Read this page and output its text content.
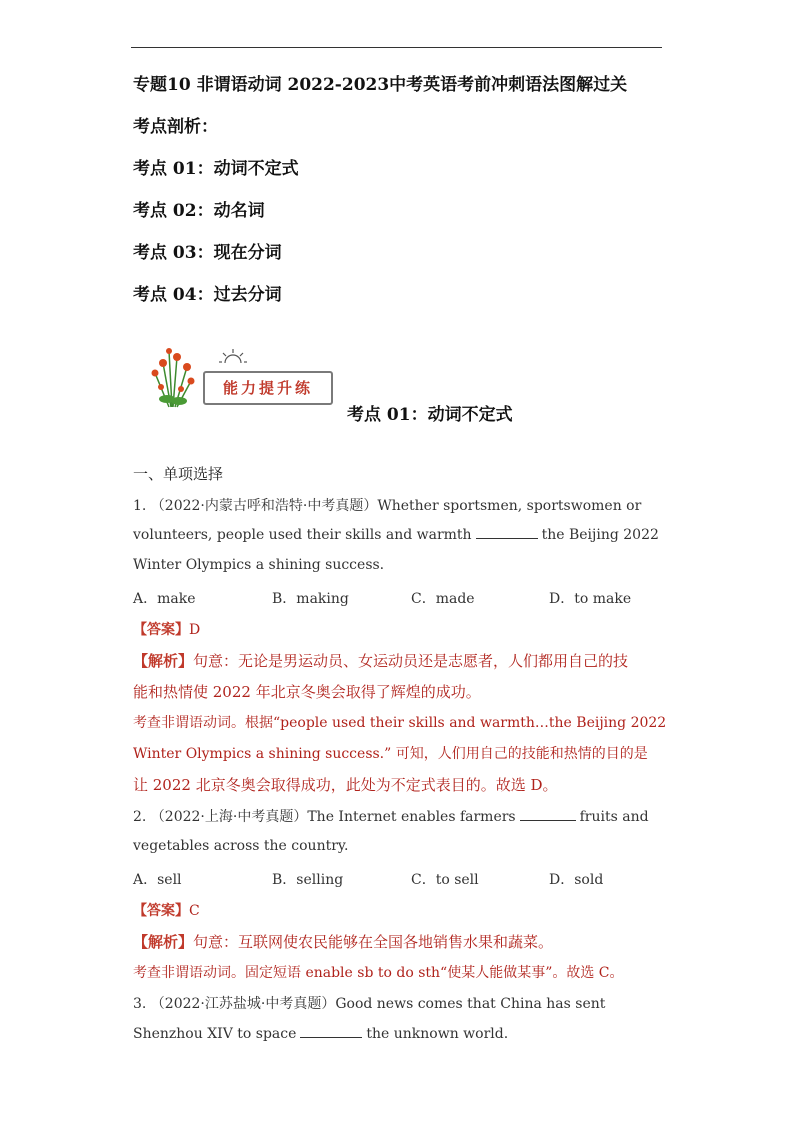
专题10 非谓语动词 2022-2023中考英语考前冲刺语法图解过关
考点剖析：
考点 01：动词不定式
考点 02：动名词
考点 03：现在分词
考点 04：过去分词
能力提升练
考点 01：动词不定式
一、单项选择
1. （2022·内蒙古呼和浩特·中考真题）Whether sportsmen, sportswomen or
volunteers, people used their skills and warmth	the Beijing 2022
Winter Olympics a shining success.
A．make	B．making	C．made	D．to make
【答案】D
【解析】句意：无论是男运动员、女运动员还是志愿者，人们都用自己的技
能和热情使 2022 年北京冬奥会取得了辉煌的成功。
考查非谓语动词。根据“people used their skills and warmth…the Beijing 2022
Winter Olympics a shining success.” 可知，人们用自己的技能和热情的目的是
让 2022 北京冬奥会取得成功，此处为不定式表目的。故选 D。
2. （2022·上海·中考真题）The Internet enables farmers	fruits and
vegetables across the country.
A．sell	B．selling	C．to sell	D．sold
【答案】C
【解析】句意：互联网使农民能够在全国各地销售水果和蔬菜。
考查非谓语动词。固定短语 enable sb to do sth“使某人能做某事”。故选 C。
3. （2022·江苏盐城·中考真题）Good news comes that China has sent
Shenzhou XIV to space	the unknown world.
